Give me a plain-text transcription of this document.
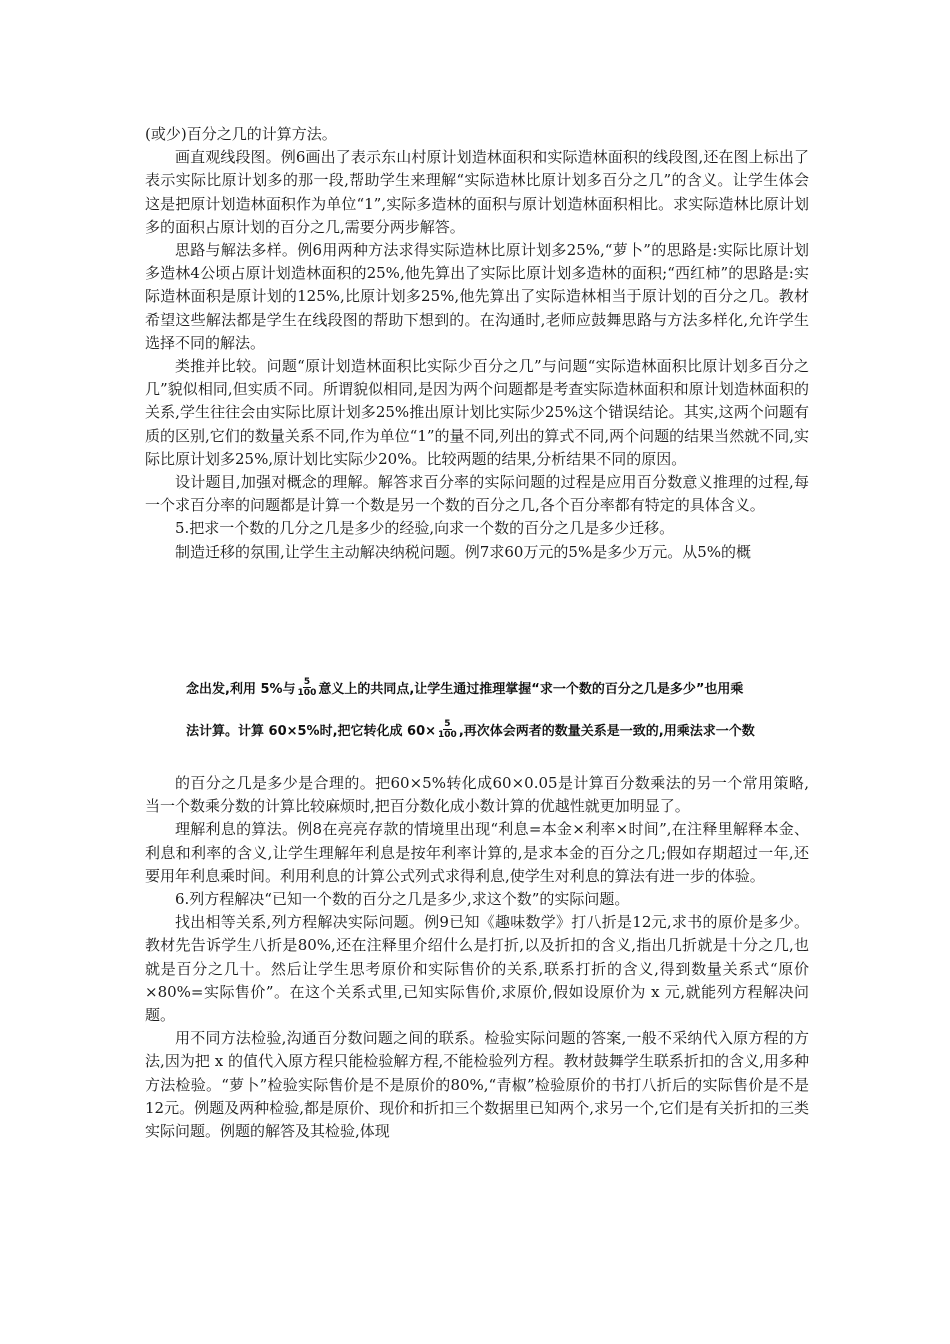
(或少)百分之几的计算方法。

画直观线段图。例6画出了表示东山村原计划造林面积和实际造林面积的线段图,还在图上标出了表示实际比原计划多的那一段,帮助学生来理解“实际造林比原计划多百分之几”的含义。让学生体会这是把原计划造林面积作为单位“1”,实际多造林的面积与原计划造林面积相比。求实际造林比原计划多的面积占原计划的百分之几,需要分两步解答。

思路与解法多样。例6用两种方法求得实际造林比原计划多25%,“萝卜”的思路是:实际比原计划多造林4公顷占原计划造林面积的25%,他先算出了实际比原计划多造林的面积;“西红柿”的思路是:实际造林面积是原计划的125%,比原计划多25%,他先算出了实际造林相当于原计划的百分之几。教材希望这些解法都是学生在线段图的帮助下想到的。在沟通时,老师应鼓舞思路与方法多样化,允许学生选择不同的解法。

类推并比较。问题“原计划造林面积比实际少百分之几”与问题“实际造林面积比原计划多百分之几”貌似相同,但实质不同。所谓貌似相同,是因为两个问题都是考查实际造林面积和原计划造林面积的关系,学生往往会由实际比原计划多25%推出原计划比实际少25%这个错误结论。其实,这两个问题有质的区别,它们的数量关系不同,作为单位“1”的量不同,列出的算式不同,两个问题的结果当然就不同,实际比原计划多25%,原计划比实际少20%。比较两题的结果,分析结果不同的原因。

设计题目,加强对概念的理解。解答求百分率的实际问题的过程是应用百分数意义推理的过程,每一个求百分率的问题都是计算一个数是另一个数的百分之几,各个百分率都有特定的具体含义。

5.把求一个数的几分之几是多少的经验,向求一个数的百分之几是多少迁移。

制造迁移的氛围,让学生主动解决纳税问题。例7求60万元的5%是多少万元。从5%的概

念出发,利用 5%与 $\frac{5}{100}$ 意义上的共同点,让学生通过推理掌握“求一个数的百分之几是多少”也用乘
法计算。计算 60×5%时,把它转化成 $60\times \frac{5}{100}$ ,再次体会两者的数量关系是一致的,用乘法求一个数

的百分之几是多少是合理的。把60×5%转化成60×0.05是计算百分数乘法的另一个常用策略,当一个数乘分数的计算比较麻烦时,把百分数化成小数计算的优越性就更加明显了。

理解利息的算法。例8在亮亮存款的情境里出现“利息=本金×利率×时间”,在注释里解释本金、利息和利率的含义,让学生理解年利息是按年利率计算的,是求本金的百分之几;假如存期超过一年,还要用年利息乘时间。利用利息的计算公式列式求得利息,使学生对利息的算法有进一步的体验。

6.列方程解决“已知一个数的百分之几是多少,求这个数”的实际问题。

找出相等关系,列方程解决实际问题。例9已知《趣味数学》打八折是12元,求书的原价是多少。教材先告诉学生八折是80%,还在注释里介绍什么是打折,以及折扣的含义,指出几折就是十分之几,也就是百分之几十。然后让学生思考原价和实际售价的关系,联系打折的含义,得到数量关系式“原价×80%=实际售价”。在这个关系式里,已知实际售价,求原价,假如设原价为 x 元,就能列方程解决问题。

用不同方法检验,沟通百分数问题之间的联系。检验实际问题的答案,一般不采纳代入原方程的方法,因为把 x 的值代入原方程只能检验解方程,不能检验列方程。教材鼓舞学生联系折扣的含义,用多种方法检验。“萝卜”检验实际售价是不是原价的80%,“青椒”检验原价的书打八折后的实际售价是不是12元。例题及两种检验,都是原价、现价和折扣三个数据里已知两个,求另一个,它们是有关折扣的三类实际问题。例题的解答及其检验,体现
